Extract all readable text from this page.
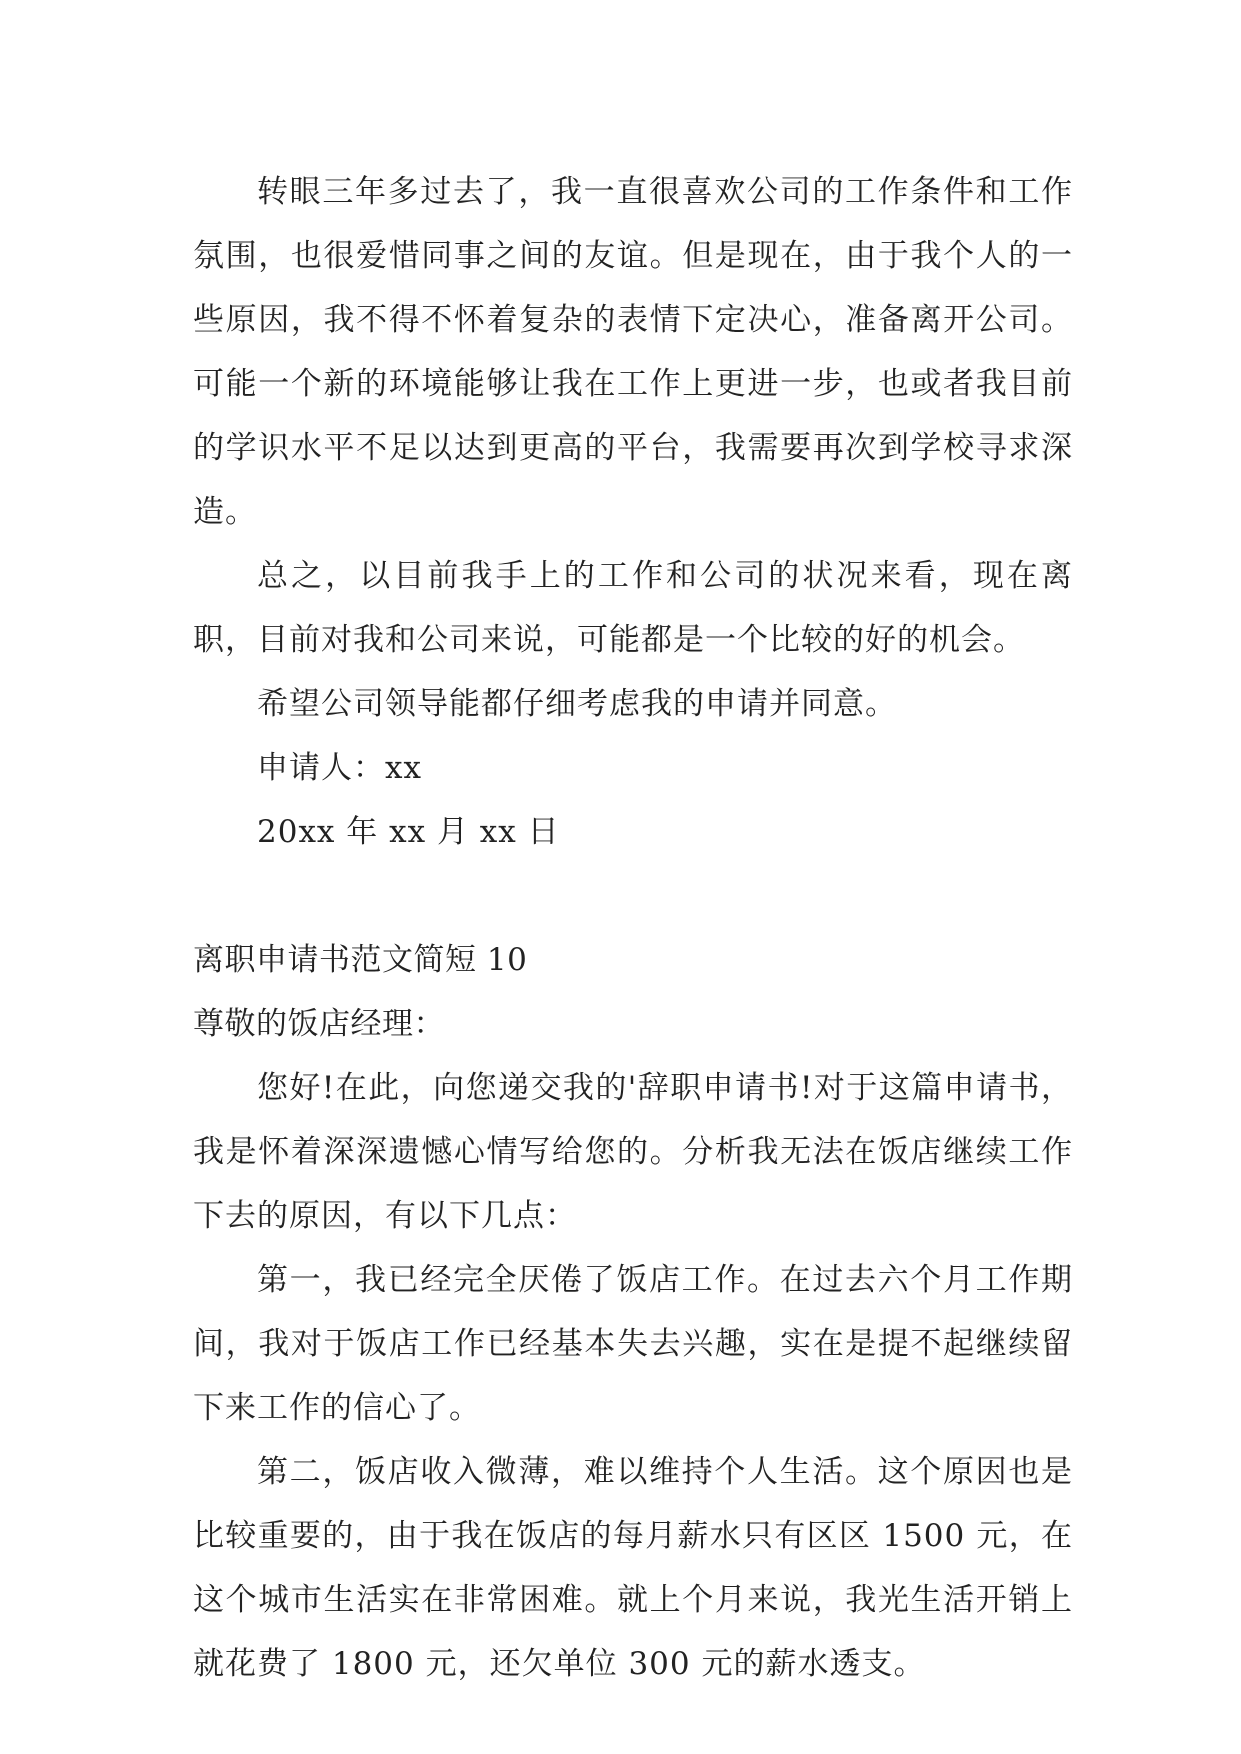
转眼三年多过去了，我一直很喜欢公司的工作条件和工作氛围，也很爱惜同事之间的友谊。但是现在，由于我个人的一些原因，我不得不怀着复杂的表情下定决心，准备离开公司。可能一个新的环境能够让我在工作上更进一步，也或者我目前的学识水平不足以达到更高的平台，我需要再次到学校寻求深造。

总之，以目前我手上的工作和公司的状况来看，现在离职，目前对我和公司来说，可能都是一个比较的好的机会。

希望公司领导能都仔细考虑我的申请并同意。

申请人：xx

20xx 年 xx 月 xx 日

离职申请书范文简短 10

尊敬的饭店经理：

您好!在此，向您递交我的'辞职申请书!对于这篇申请书，我是怀着深深遗憾心情写给您的。分析我无法在饭店继续工作下去的原因，有以下几点：

第一，我已经完全厌倦了饭店工作。在过去六个月工作期间，我对于饭店工作已经基本失去兴趣，实在是提不起继续留下来工作的信心了。

第二，饭店收入微薄，难以维持个人生活。这个原因也是比较重要的，由于我在饭店的每月薪水只有区区 1500 元，在这个城市生活实在非常困难。就上个月来说，我光生活开销上就花费了 1800 元，还欠单位 300 元的薪水透支。
